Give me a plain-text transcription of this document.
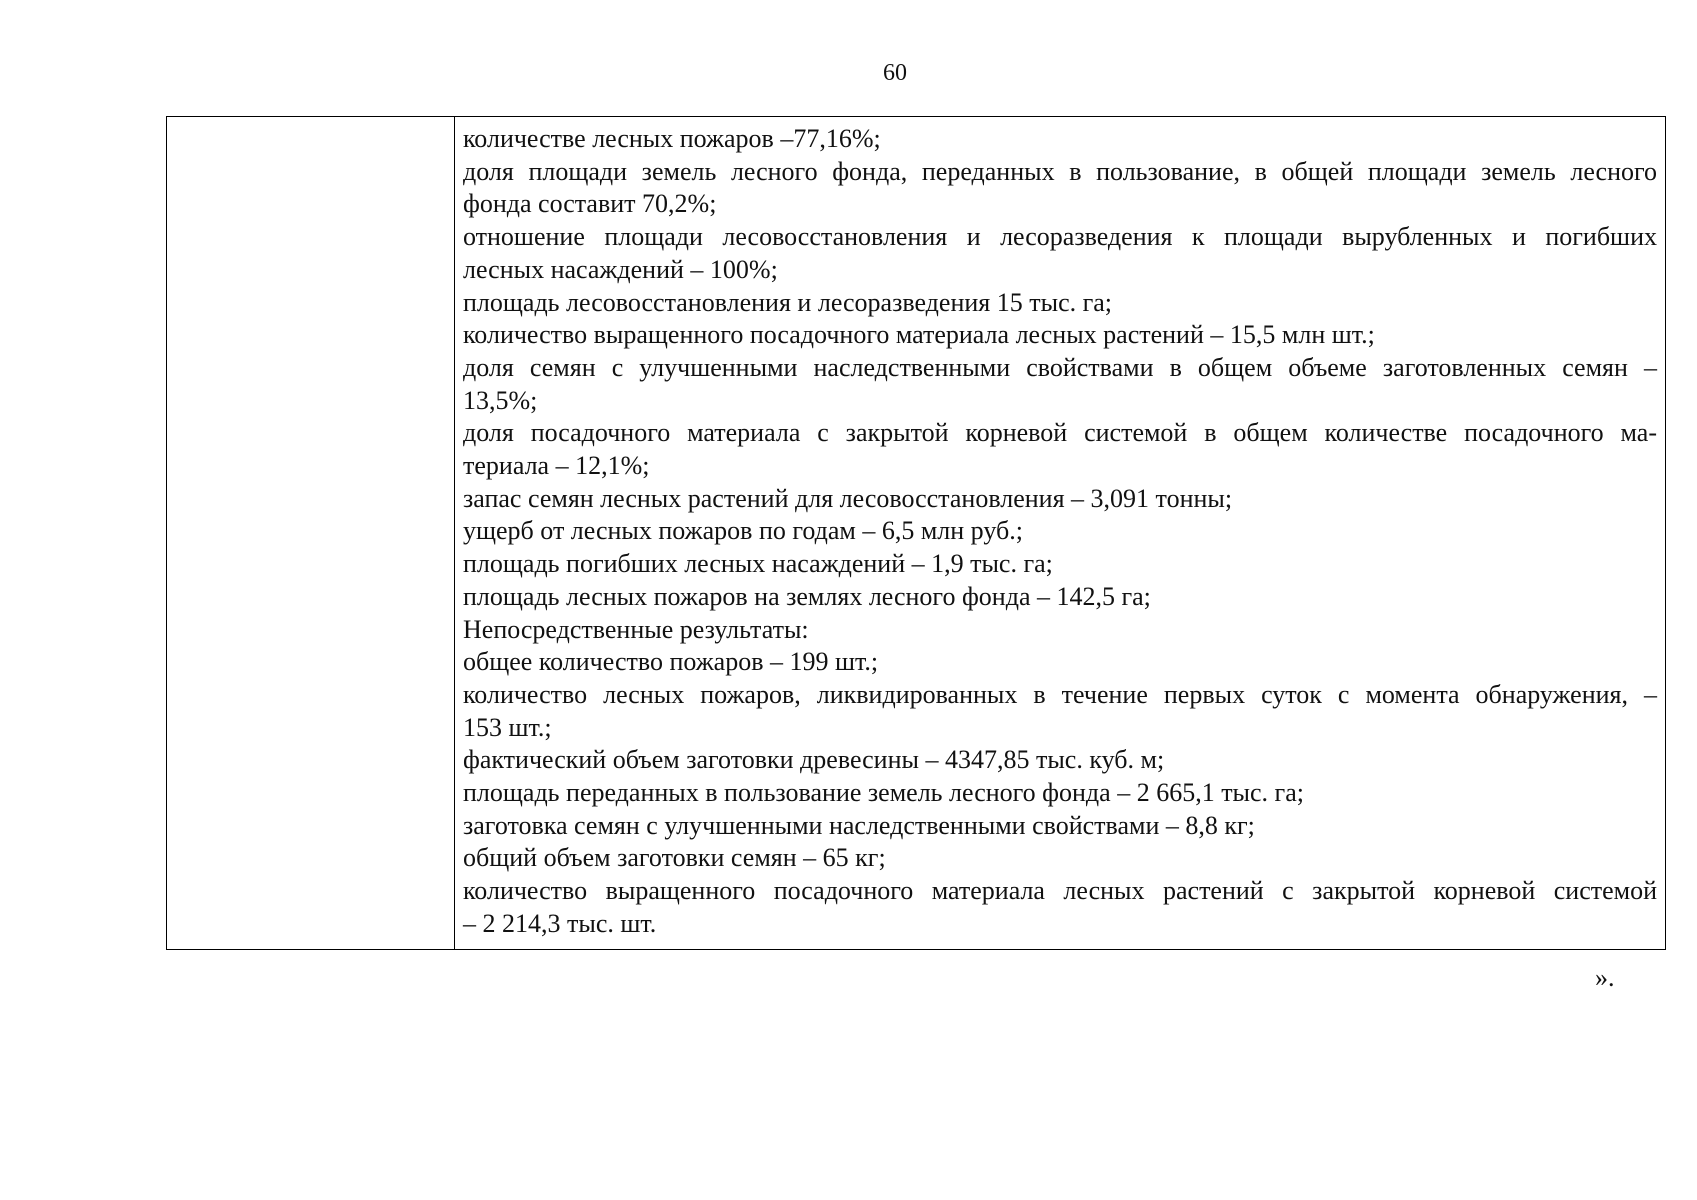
60

количестве лесных пожаров –77,16%;
доля площади земель лесного фонда, переданных в пользование, в общей площади земель лесного
фонда составит 70,2%;
отношение площади лесовосстановления и лесоразведения к площади вырубленных и погибших
лесных насаждений – 100%;
площадь лесовосстановления и лесоразведения 15 тыс. га;
количество выращенного посадочного материала лесных растений – 15,5 млн шт.;
доля семян с улучшенными наследственными свойствами в общем объеме заготовленных семян –
13,5%;
доля посадочного материала с закрытой корневой системой в общем количестве посадочного ма-
териала – 12,1%;
запас семян лесных растений для лесовосстановления – 3,091 тонны;
ущерб от лесных пожаров по годам – 6,5 млн руб.;
площадь погибших лесных насаждений – 1,9 тыс. га;
площадь лесных пожаров на землях лесного фонда – 142,5 га;
Непосредственные результаты:
общее количество пожаров – 199 шт.;
количество лесных пожаров, ликвидированных в течение первых суток с момента обнаружения, –
153 шт.;
фактический объем заготовки древесины – 4347,85 тыс. куб. м;
площадь переданных в пользование земель лесного фонда – 2 665,1 тыс. га;
заготовка семян с улучшенными наследственными свойствами – 8,8 кг;
общий объем заготовки семян – 65 кг;
количество выращенного посадочного материала лесных растений с закрытой корневой системой
– 2 214,3 тыс. шт.
».
